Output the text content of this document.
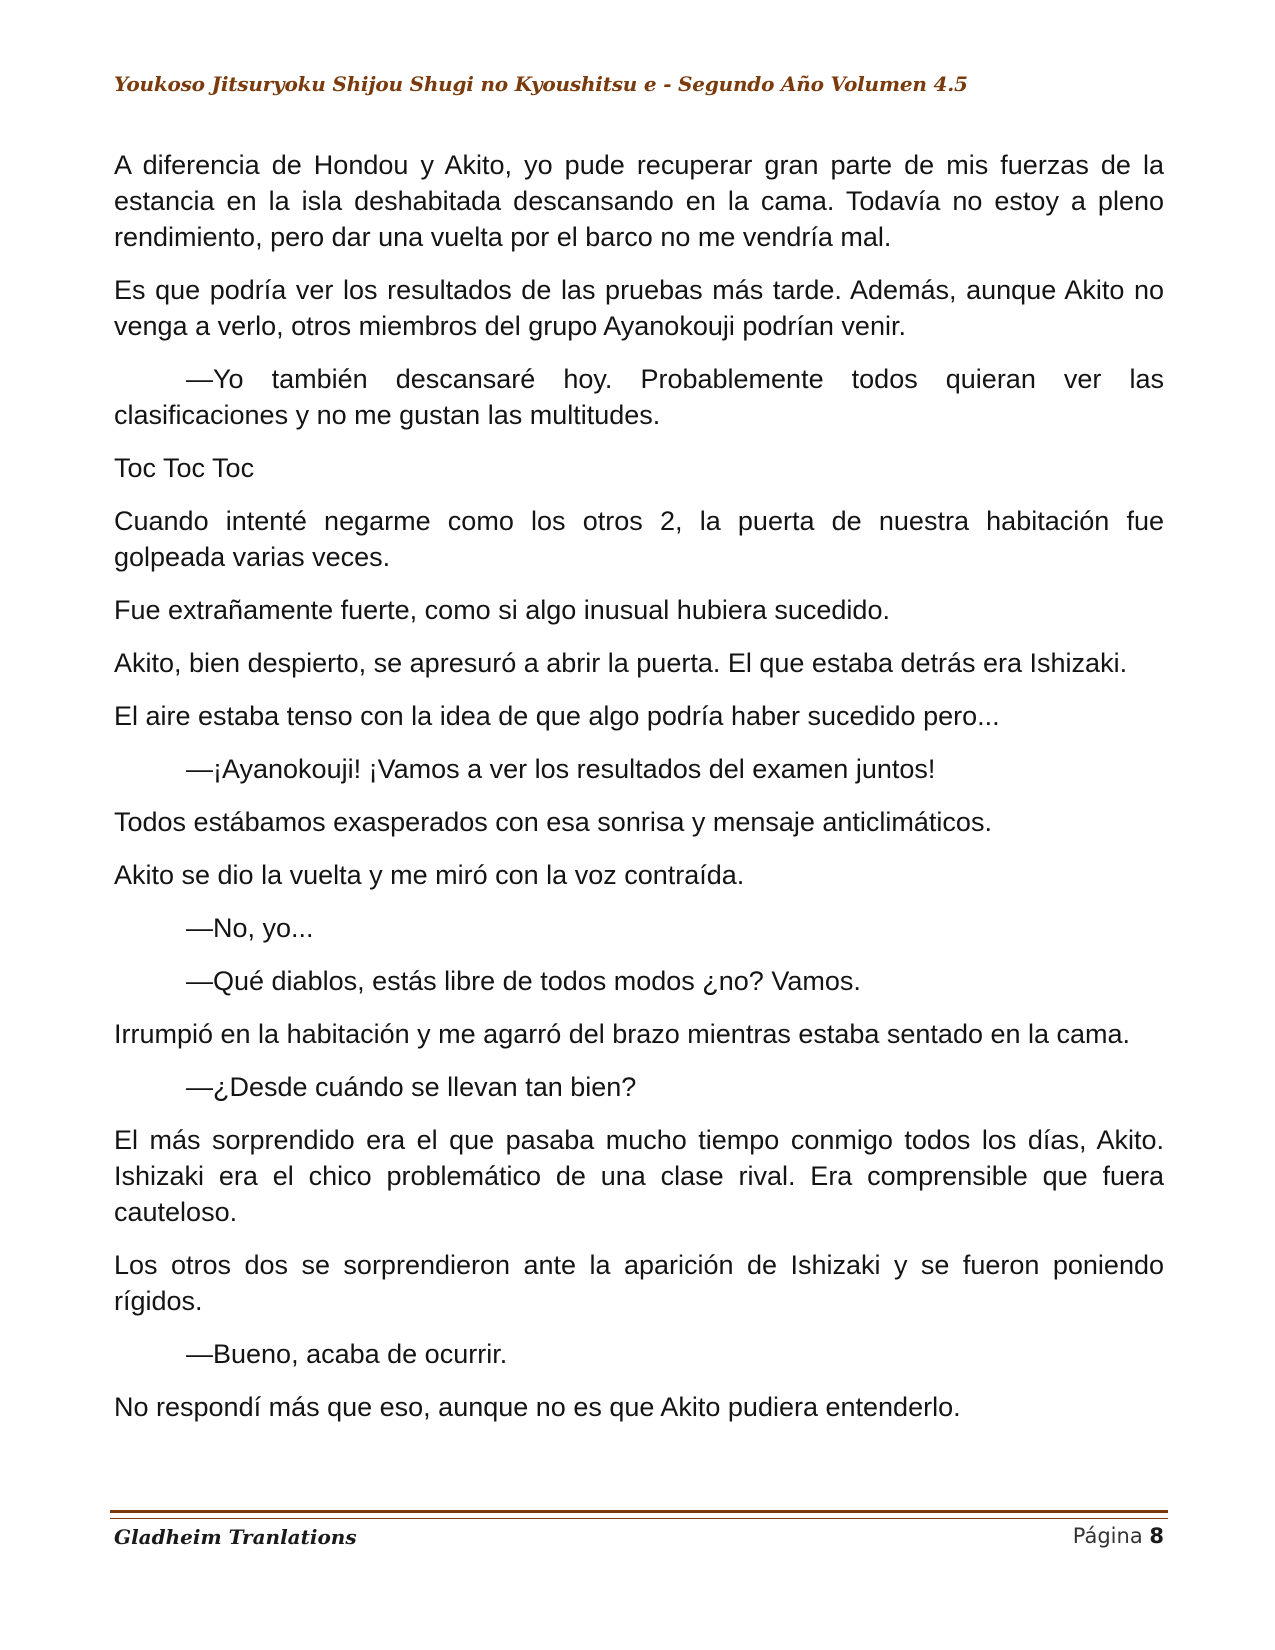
Youkoso Jitsuryoku Shijou Shugi no Kyoushitsu e - Segundo Año Volumen 4.5

A diferencia de Hondou y Akito, yo pude recuperar gran parte de mis fuerzas de la estancia en la isla deshabitada descansando en la cama. Todavía no estoy a pleno rendimiento, pero dar una vuelta por el barco no me vendría mal.

Es que podría ver los resultados de las pruebas más tarde. Además, aunque Akito no venga a verlo, otros miembros del grupo Ayanokouji podrían venir.

—Yo también descansaré hoy. Probablemente todos quieran ver las clasificaciones y no me gustan las multitudes.

Toc Toc Toc

Cuando intenté negarme como los otros 2, la puerta de nuestra habitación fue golpeada varias veces.

Fue extrañamente fuerte, como si algo inusual hubiera sucedido.

Akito, bien despierto, se apresuró a abrir la puerta. El que estaba detrás era Ishizaki.

El aire estaba tenso con la idea de que algo podría haber sucedido pero...

—¡Ayanokouji! ¡Vamos a ver los resultados del examen juntos!

Todos estábamos exasperados con esa sonrisa y mensaje anticlimáticos.

Akito se dio la vuelta y me miró con la voz contraída.

—No, yo...

—Qué diablos, estás libre de todos modos ¿no? Vamos.

Irrumpió en la habitación y me agarró del brazo mientras estaba sentado en la cama.

—¿Desde cuándo se llevan tan bien?

El más sorprendido era el que pasaba mucho tiempo conmigo todos los días, Akito. Ishizaki era el chico problemático de una clase rival. Era comprensible que fuera cauteloso.

Los otros dos se sorprendieron ante la aparición de Ishizaki y se fueron poniendo rígidos.

—Bueno, acaba de ocurrir.

No respondí más que eso, aunque no es que Akito pudiera entenderlo.

Gladheim Tranlations	Página 8
